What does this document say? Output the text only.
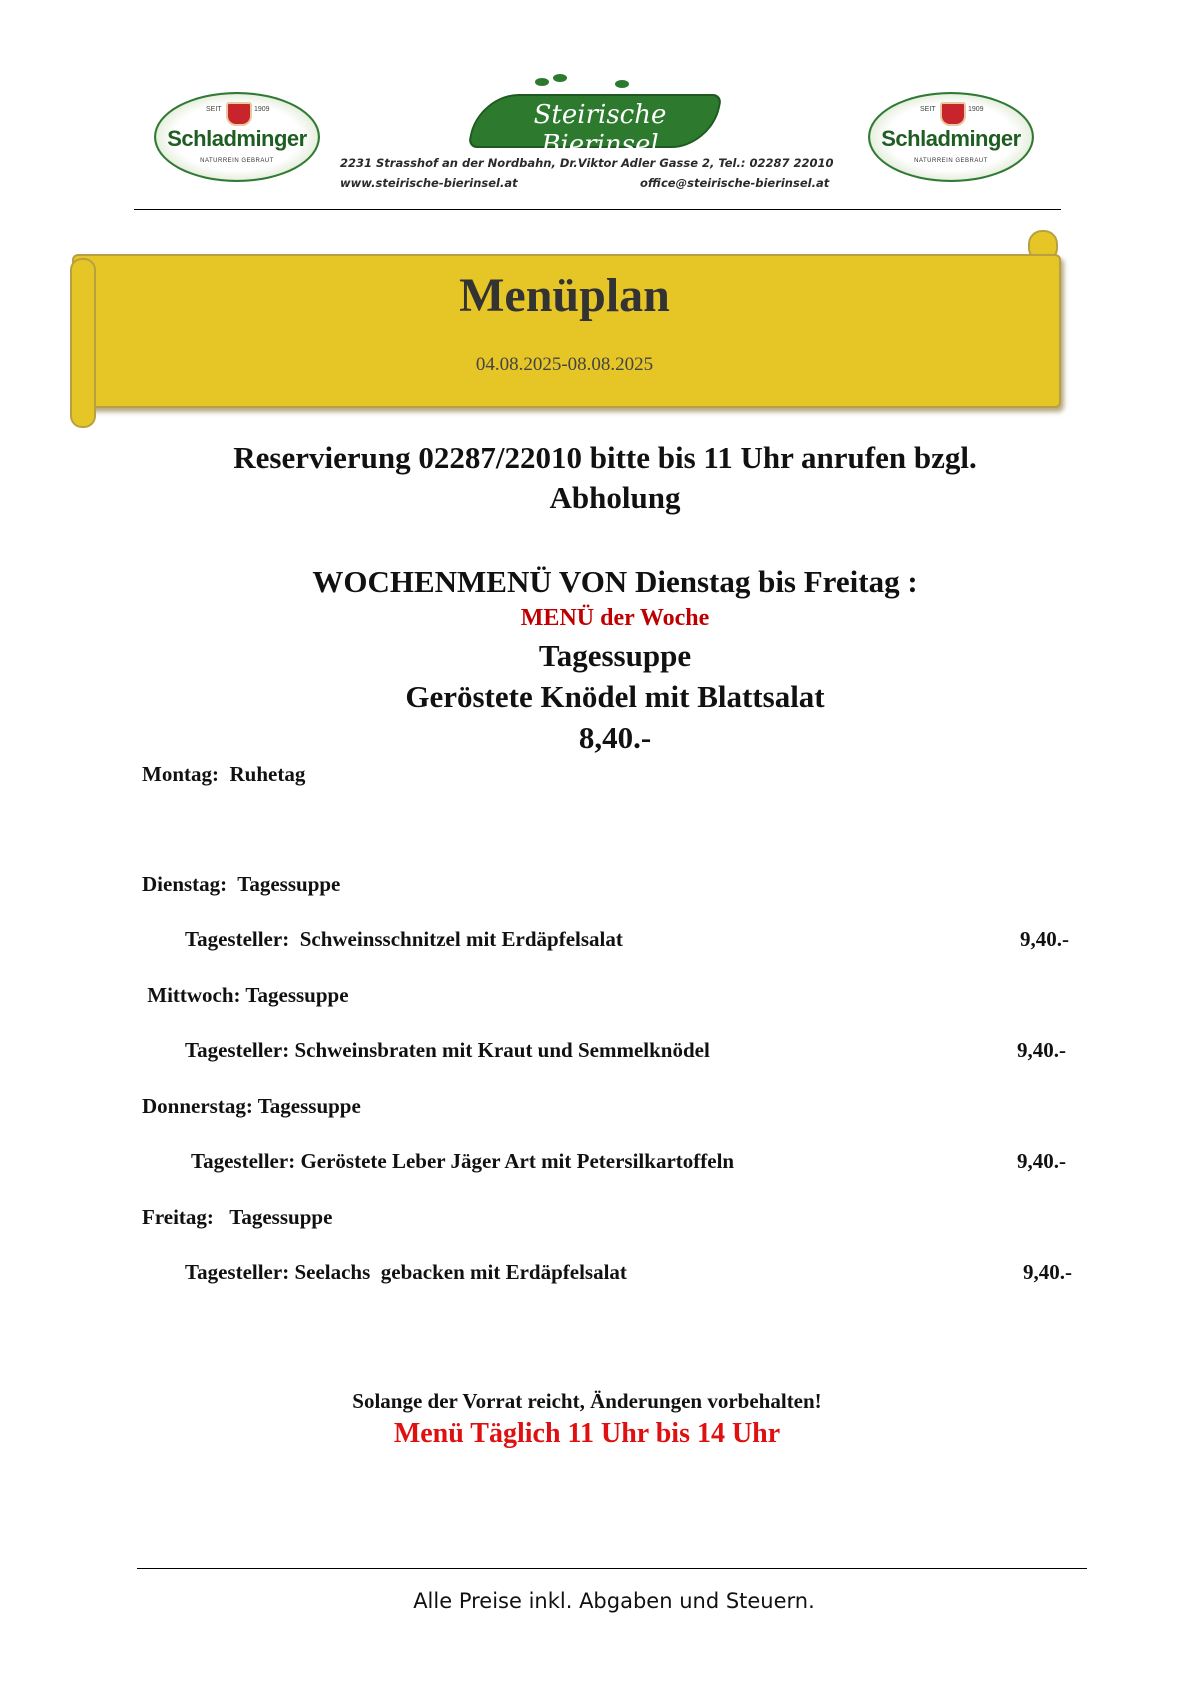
SEIT	1909
Schladminger
NATURREIN GEBRAUT
Steirische Bierinsel
SEIT	1909
Schladminger
NATURREIN GEBRAUT
2231 Strasshof an der Nordbahn, Dr.Viktor Adler Gasse 2, Tel.: 02287 22010
www.steirische-bierinsel.at	office@steirische-bierinsel.at
Menüplan
04.08.2025-08.08.2025
Reservierung 02287/22010 bitte bis 11 Uhr anrufen bzgl.
Abholung
WOCHENMENÜ VON Dienstag bis Freitag :
MENÜ der Woche
Tagessuppe
Geröstete Knödel mit Blattsalat
8,40.-
Montag:  Ruhetag
Dienstag:  Tagessuppe
Tagesteller:  Schweinsschnitzel mit Erdäpfelsalat	9,40.-
Mittwoch: Tagessuppe
Tagesteller: Schweinsbraten mit Kraut und Semmelknödel	9,40.-
Donnerstag: Tagessuppe
Tagesteller: Geröstete Leber Jäger Art mit Petersilkartoffeln	9,40.-
Freitag:   Tagessuppe
Tagesteller: Seelachs  gebacken mit Erdäpfelsalat	9,40.-
Solange der Vorrat reicht, Änderungen vorbehalten!
Menü Täglich 11 Uhr bis 14 Uhr
Alle Preise inkl. Abgaben und Steuern.
